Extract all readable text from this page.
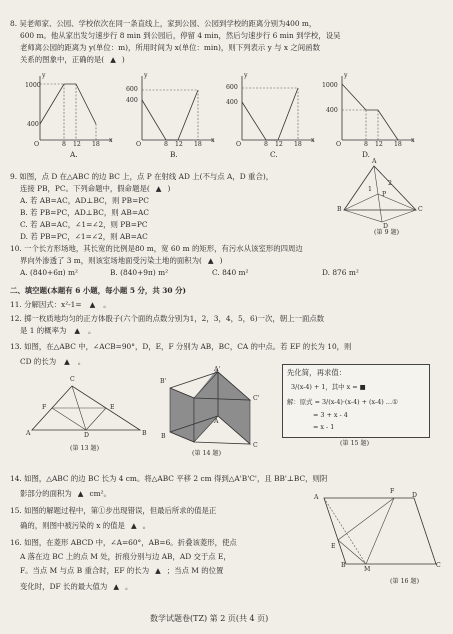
8. 吴老师家、公园、学校依次在同一条直线上，家到公园、公园到学校的距离分别为400 m，
600 m。他从家出发匀速步行 8 min 到公园后，停留 4 min，然后匀速步行 6 min 到学校，设吴
老师离公园的距离为 y(单位：m)，所用时间为 x(单位：min)，则下列表示 y 与 x 之间函数
关系的图象中，正确的是( ▲ )
1000
400
O	8 12 18
x
y
A.
600
400
O	8 12 18
x
y
B.
600
400
O	8 12 18
x
y
C.
1000
400
O	8 12 18
x
y
D.
9. 如图，点 D 在△ABC 的边 BC 上，点 P 在射线 AD 上(不与点 A，D 重合)，
连接 PB，PC。下列命题中，假命题是( ▲ )
A. 若 AB=AC，AD⊥BC，则 PB=PC
B. 若 PB=PC，AD⊥BC，则 AB=AC
C. 若 AB=AC，∠1=∠2，则 PB=PC
D. 若 PB=PC，∠1=∠2，则 AB=AC
A
B
D
C
P
1
2
(第 9 题)
10. 一个长方形场地，其长宽的比例是80 m，宽 60 m 的矩形，有污水从该室形的四周边
界向外渗透了 3 m，则该室场地面受污染土地的面积为( ▲ )
A. (840+6π) m²	B. (840+9π) m²	C. 840 m²	D. 876 m²
二、填空题(本题有 6 小题，每小题 5 分，共 30 分)
11. 分解因式：x²-1= ▲ 。
12. 掷一枚质地均匀的正方体骰子(六个面的点数分别为1，2，3，4，5，6)一次，朝上一面点数
是 1 的概率为 ▲ 。
13. 如图，在△ABC 中，∠ACB=90°，D，E，F 分别为 AB，BC，CA 的中点。若 EF 的长为 10，则
CD 的长为 ▲ 。
C
F	E
A	D	B
(第 13 题)
A'
B'
C'
A
B
C
(第 14 题)
先化简，再求值：
3/(x-4) + 1，其中 x = ■
解：原式 = 3/(x-4)·(x-4) + (x-4) …①
= 3 + x - 4
= x - 1
(第 15 题)
14. 如图，△ABC 的边 BC 长为 4 cm。将△ABC 平移 2 cm 得到△A'B'C'，且 BB'⊥BC，则阴
影部分的面积为 ▲ cm²。
15. 如图的解题过程中，第①步出现错误，但最后所求的值是正
确的，则图中被污染的 x 的值是 ▲ 。
16. 如图，在菱形 ABCD 中，∠A=60°，AB=6。折叠该菱形，使点
A 落在边 BC 上的点 M 处，折痕分别与边 AB，AD 交于点 E，
F。当点 M 与点 B 重合时，EF 的长为 ▲ ；当点 M 的位置
变化时，DF 长的最大值为 ▲ 。
A
F
D
E
B
M
C
(第 16 题)
数学试题卷(TZ) 第 2 页(共 4 页)
